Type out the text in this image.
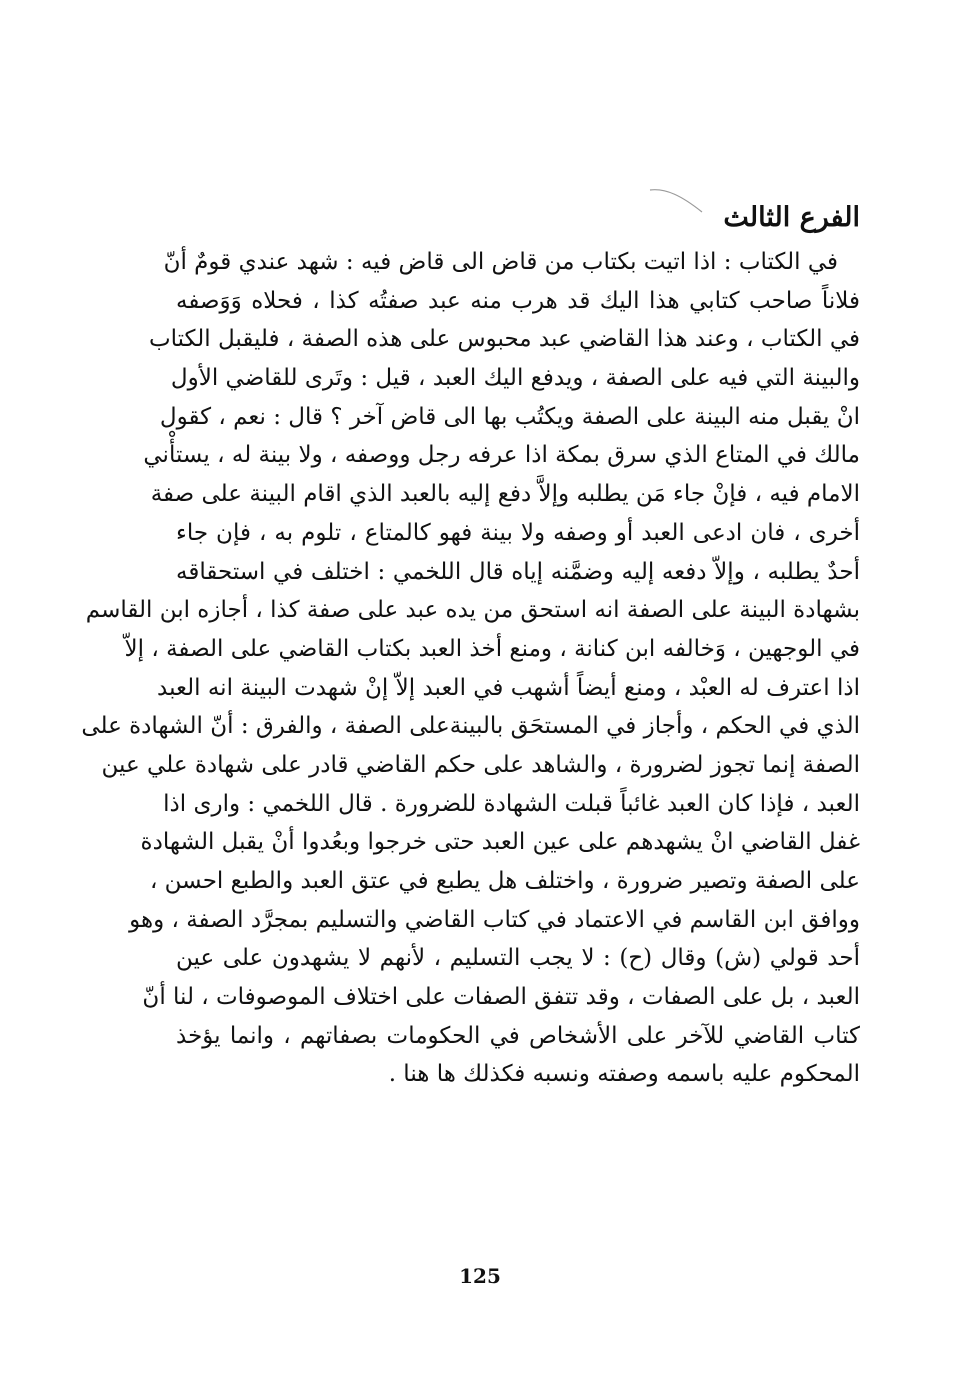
الفرع الثالث
في الكتاب : اذا اتيت بكتاب من قاض الى قاض فيه : شهد عندي قومٌ أنّ
فلاناً صاحب كتابي هذا اليك قد هرب منه عبد صفتُه كذا ، فحلاه وَوَصفه
في الكتاب ، وعند هذا القاضي عبد محبوس على هذه الصفة ، فليقبل الكتاب
والبينة التي فيه على الصفة ، ويدفع اليك العبد ، قيل : وتَرى للقاضي الأول
انْ يقبل منه البينة على الصفة ويكتُب بها الى قاض آخر ؟ قال : نعم ، كقول
مالك في المتاع الذي سرق بمكة اذا عرفه رجل ووصفه ، ولا بينة له ، يستأْني
الامام فيه ، فإنْ جاء مَن يطلبه وإلاَّ دفع إليه بالعبد الذي اقام البينة على صفة
أخرى ، فان ادعى العبد أو وصفه ولا بينة فهو كالمتاع ، تلوم به ، فإن جاء
أحدٌ يطلبه ، وإلاّ دفعه إليه وضمَّنه إياه قال اللخمي : اختلف في استحقاقه
بشهادة البينة على الصفة انه استحق من يده عبد على صفة كذا ، أجازه ابن القاسم
في الوجهين ، وَخالفه ابن كنانة ، ومنع أخذ العبد بكتاب القاضي على الصفة ، إلاّ
اذا اعترف له العبْد ، ومنع أيضاً أشهب في العبد إلاّ إنْ شهدت البينة انه العبد
الذي في الحكم ، وأجاز في المستحَق بالبينةعلى الصفة ، والفرق : أنّ الشهادة على
الصفة إنما تجوز لضرورة ، والشاهد على حكم القاضي قادر على شهادة علي عين
العبد ، فإذا كان العبد غائباً قبلت الشهادة للضرورة . قال اللخمي : وارى اذا
غفل القاضي انْ يشهدهم على عين العبد حتى خرجوا وبعُدوا أنْ يقبل الشهادة
على الصفة وتصير ضرورة ، واختلف هل يطبع في عتق العبد والطبع احسن ،
ووافق ابن القاسم في الاعتماد في كتاب القاضي والتسليم بمجرَّد الصفة ، وهو
أحد قولي (ش) وقال (ح) : لا يجب التسليم ، لأنهم لا يشهدون على عين
العبد ، بل على الصفات ، وقد تتفق الصفات على اختلاف الموصوفات ، لنا أنّ
كتاب القاضي للآخر على الأشخاص في الحكومات بصفاتهم ، وانما يؤخذ
المحكوم عليه باسمه وصفته ونسبه فكذلك ها هنا .
125
